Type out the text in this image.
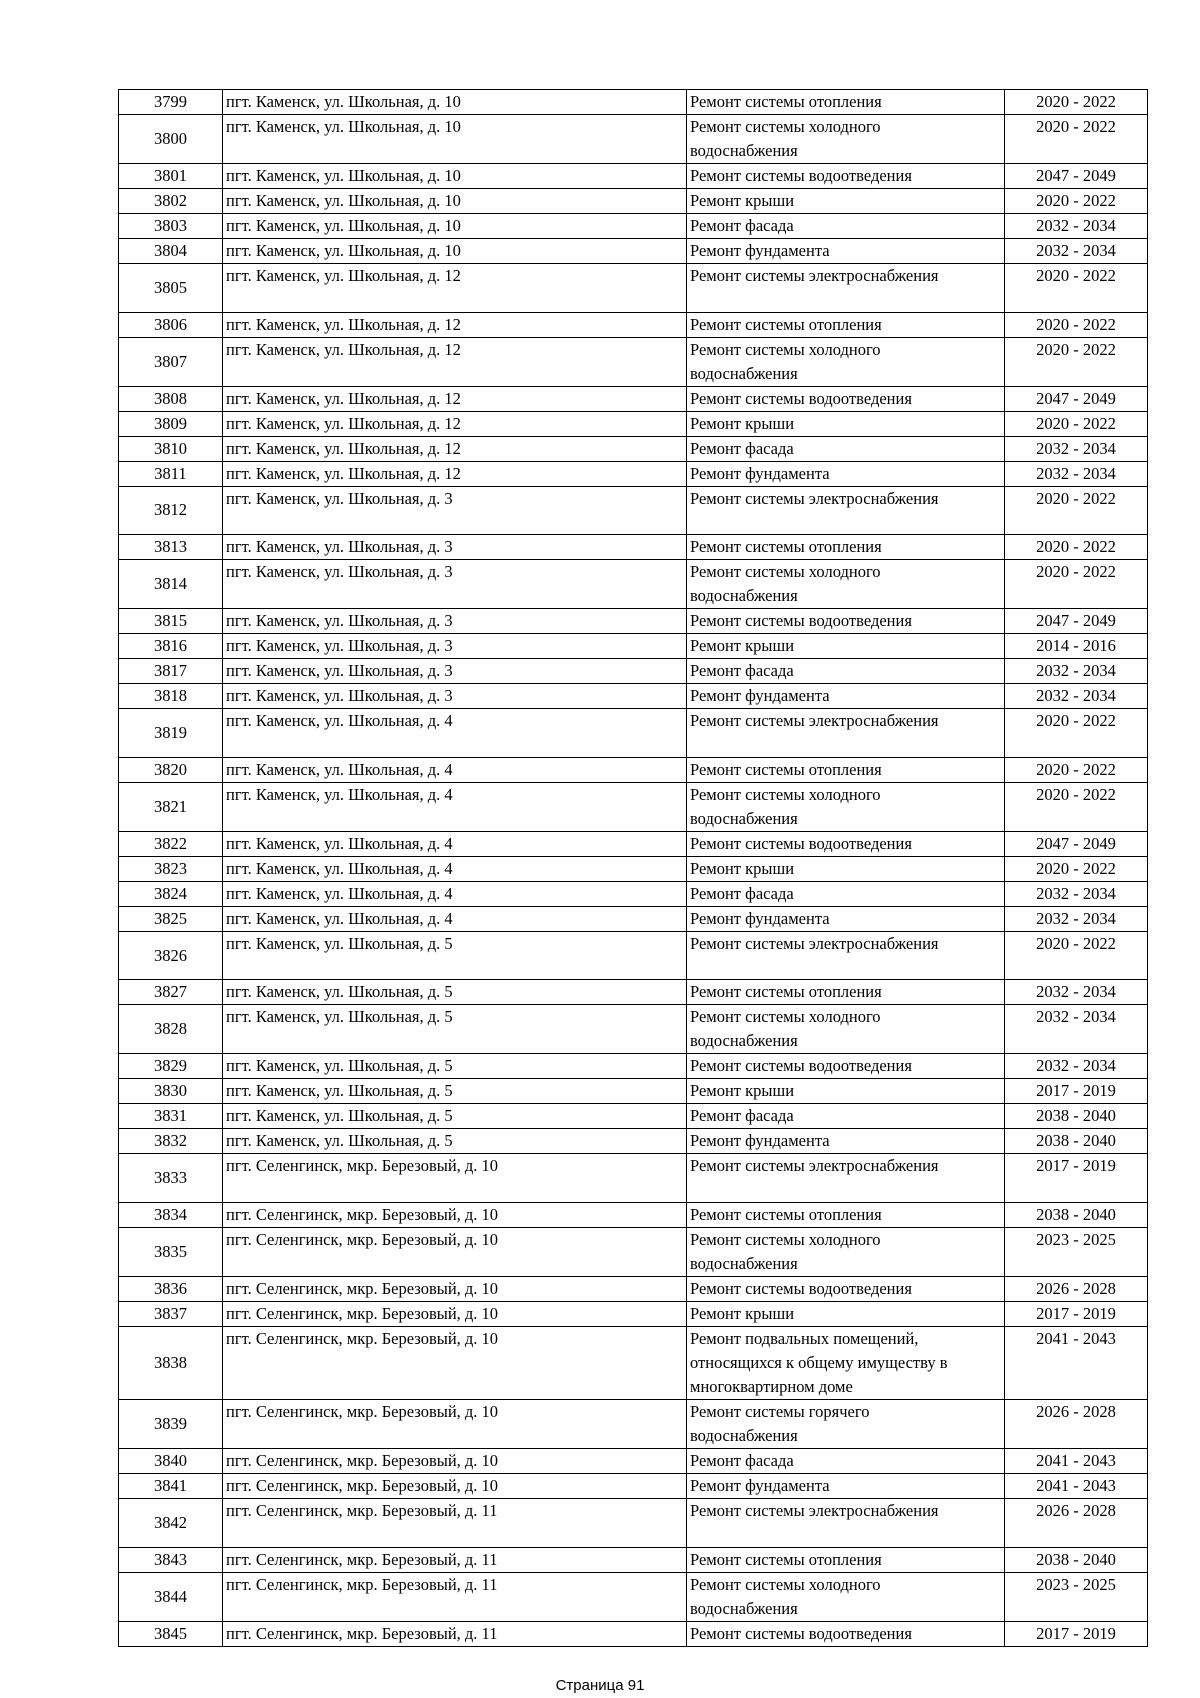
3799	пгт. Каменск, ул. Школьная, д. 10	Ремонт системы отопления	2020 - 2022
3800	пгт. Каменск, ул. Школьная, д. 10	Ремонт системы холодного
водоснабжения	2020 - 2022
3801	пгт. Каменск, ул. Школьная, д. 10	Ремонт системы водоотведения	2047 - 2049
3802	пгт. Каменск, ул. Школьная, д. 10	Ремонт крыши	2020 - 2022
3803	пгт. Каменск, ул. Школьная, д. 10	Ремонт фасада	2032 - 2034
3804	пгт. Каменск, ул. Школьная, д. 10	Ремонт фундамента	2032 - 2034
3805	пгт. Каменск, ул. Школьная, д. 12	Ремонт системы электроснабжения	2020 - 2022
3806	пгт. Каменск, ул. Школьная, д. 12	Ремонт системы отопления	2020 - 2022
3807	пгт. Каменск, ул. Школьная, д. 12	Ремонт системы холодного
водоснабжения	2020 - 2022
3808	пгт. Каменск, ул. Школьная, д. 12	Ремонт системы водоотведения	2047 - 2049
3809	пгт. Каменск, ул. Школьная, д. 12	Ремонт крыши	2020 - 2022
3810	пгт. Каменск, ул. Школьная, д. 12	Ремонт фасада	2032 - 2034
3811	пгт. Каменск, ул. Школьная, д. 12	Ремонт фундамента	2032 - 2034
3812	пгт. Каменск, ул. Школьная, д. 3	Ремонт системы электроснабжения	2020 - 2022
3813	пгт. Каменск, ул. Школьная, д. 3	Ремонт системы отопления	2020 - 2022
3814	пгт. Каменск, ул. Школьная, д. 3	Ремонт системы холодного
водоснабжения	2020 - 2022
3815	пгт. Каменск, ул. Школьная, д. 3	Ремонт системы водоотведения	2047 - 2049
3816	пгт. Каменск, ул. Школьная, д. 3	Ремонт крыши	2014 - 2016
3817	пгт. Каменск, ул. Школьная, д. 3	Ремонт фасада	2032 - 2034
3818	пгт. Каменск, ул. Школьная, д. 3	Ремонт фундамента	2032 - 2034
3819	пгт. Каменск, ул. Школьная, д. 4	Ремонт системы электроснабжения	2020 - 2022
3820	пгт. Каменск, ул. Школьная, д. 4	Ремонт системы отопления	2020 - 2022
3821	пгт. Каменск, ул. Школьная, д. 4	Ремонт системы холодного
водоснабжения	2020 - 2022
3822	пгт. Каменск, ул. Школьная, д. 4	Ремонт системы водоотведения	2047 - 2049
3823	пгт. Каменск, ул. Школьная, д. 4	Ремонт крыши	2020 - 2022
3824	пгт. Каменск, ул. Школьная, д. 4	Ремонт фасада	2032 - 2034
3825	пгт. Каменск, ул. Школьная, д. 4	Ремонт фундамента	2032 - 2034
3826	пгт. Каменск, ул. Школьная, д. 5	Ремонт системы электроснабжения	2020 - 2022
3827	пгт. Каменск, ул. Школьная, д. 5	Ремонт системы отопления	2032 - 2034
3828	пгт. Каменск, ул. Школьная, д. 5	Ремонт системы холодного
водоснабжения	2032 - 2034
3829	пгт. Каменск, ул. Школьная, д. 5	Ремонт системы водоотведения	2032 - 2034
3830	пгт. Каменск, ул. Школьная, д. 5	Ремонт крыши	2017 - 2019
3831	пгт. Каменск, ул. Школьная, д. 5	Ремонт фасада	2038 - 2040
3832	пгт. Каменск, ул. Школьная, д. 5	Ремонт фундамента	2038 - 2040
3833	пгт. Селенгинск, мкр. Березовый, д. 10	Ремонт системы электроснабжения	2017 - 2019
3834	пгт. Селенгинск, мкр. Березовый, д. 10	Ремонт системы отопления	2038 - 2040
3835	пгт. Селенгинск, мкр. Березовый, д. 10	Ремонт системы холодного
водоснабжения	2023 - 2025
3836	пгт. Селенгинск, мкр. Березовый, д. 10	Ремонт системы водоотведения	2026 - 2028
3837	пгт. Селенгинск, мкр. Березовый, д. 10	Ремонт крыши	2017 - 2019
3838	пгт. Селенгинск, мкр. Березовый, д. 10	Ремонт подвальных помещений,
относящихся к общему имуществу в
многоквартирном доме	2041 - 2043
3839	пгт. Селенгинск, мкр. Березовый, д. 10	Ремонт системы горячего
водоснабжения	2026 - 2028
3840	пгт. Селенгинск, мкр. Березовый, д. 10	Ремонт фасада	2041 - 2043
3841	пгт. Селенгинск, мкр. Березовый, д. 10	Ремонт фундамента	2041 - 2043
3842	пгт. Селенгинск, мкр. Березовый, д. 11	Ремонт системы электроснабжения	2026 - 2028
3843	пгт. Селенгинск, мкр. Березовый, д. 11	Ремонт системы отопления	2038 - 2040
3844	пгт. Селенгинск, мкр. Березовый, д. 11	Ремонт системы холодного
водоснабжения	2023 - 2025
3845	пгт. Селенгинск, мкр. Березовый, д. 11	Ремонт системы водоотведения	2017 - 2019
Страница 91
